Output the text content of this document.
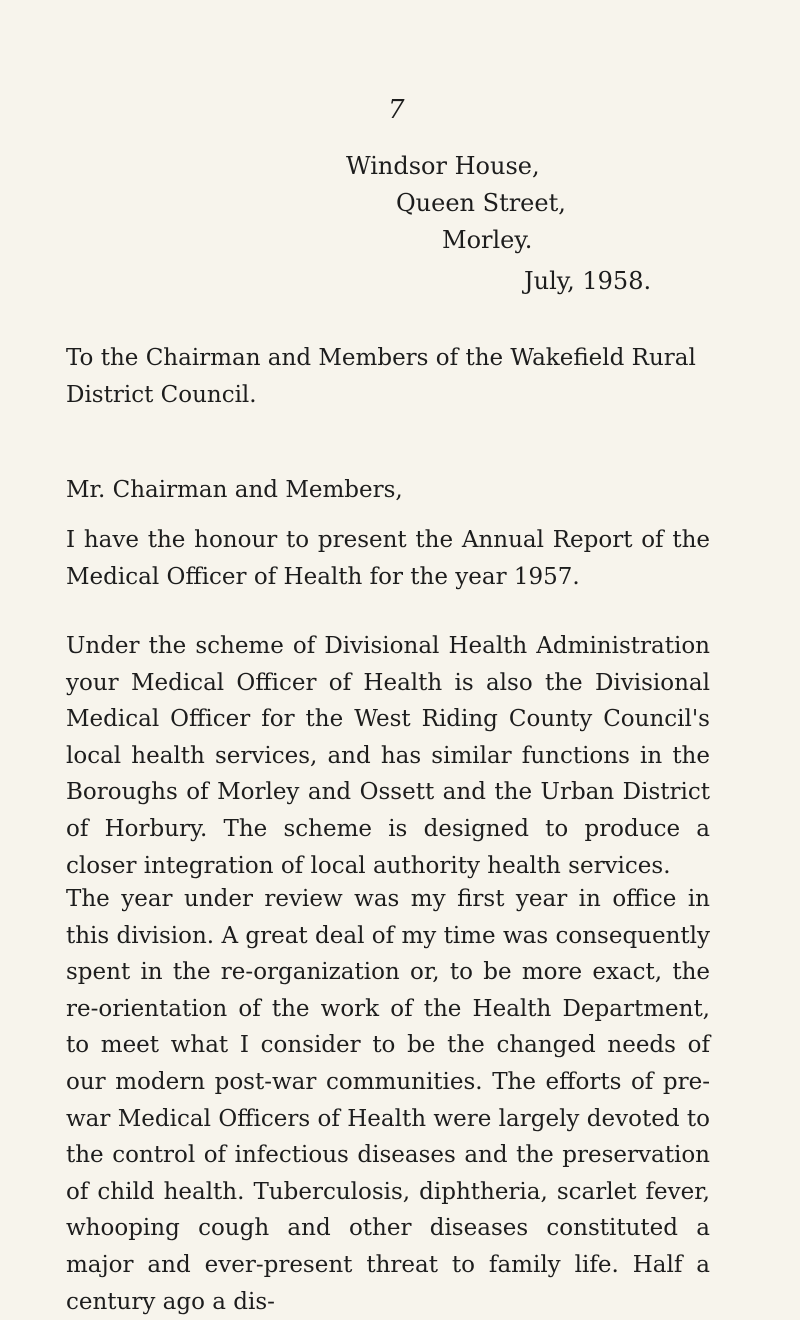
7
Windsor House,
Queen Street,
Morley.
July, 1958.
To the Chairman and Members of the Wakefield Rural
District Council.
Mr. Chairman and Members,

I have the honour to present the Annual Report of the Medical Officer of Health for the year 1957.

Under the scheme of Divisional Health Administration your Medical Officer of Health is also the Divisional Medical Officer for the West Riding County Council's local health services, and has similar functions in the Boroughs of Morley and Ossett and the Urban District of Horbury. The scheme is designed to produce a closer integration of local authority health services.

The year under review was my first year in office in this division. A great deal of my time was consequently spent in the re-organization or, to be more exact, the re-orientation of the work of the Health Department, to meet what I consider to be the changed needs of our modern post-war communities. The efforts of pre-war Medical Officers of Health were largely devoted to the control of infectious diseases and the preservation of child health. Tuberculosis, diphtheria, scarlet fever, whooping cough and other diseases constituted a major and ever-present threat to family life. Half a century ago a dis-
